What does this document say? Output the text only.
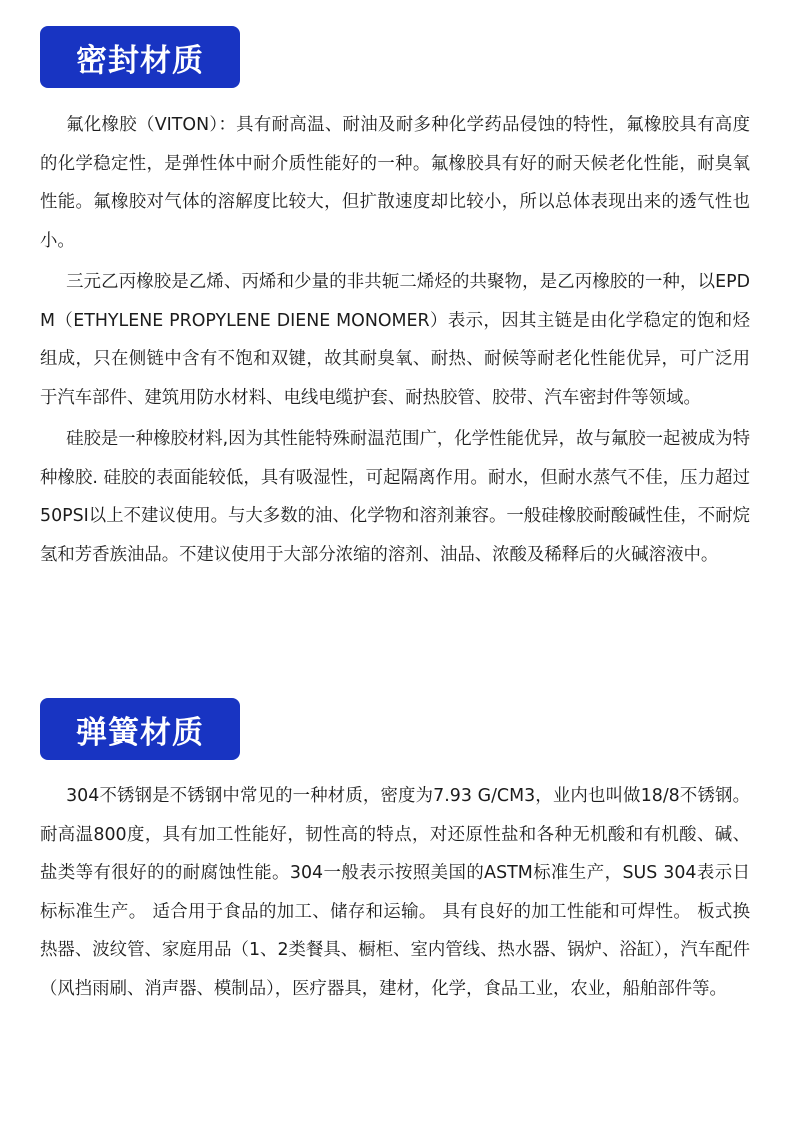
密封材质

氟化橡胶（VITON）：具有耐高温、耐油及耐多种化学药品侵蚀的特性，氟橡胶具有高度的化学稳定性，是弹性体中耐介质性能好的一种。氟橡胶具有好的耐天候老化性能，耐臭氧性能。氟橡胶对气体的溶解度比较大，但扩散速度却比较小，所以总体表现出来的透气性也小。

三元乙丙橡胶是乙烯、丙烯和少量的非共轭二烯烃的共聚物，是乙丙橡胶的一种，以EPDM（ETHYLENE PROPYLENE DIENE MONOMER）表示，因其主链是由化学稳定的饱和烃组成，只在侧链中含有不饱和双键，故其耐臭氧、耐热、耐候等耐老化性能优异，可广泛用于汽车部件、建筑用防水材料、电线电缆护套、耐热胶管、胶带、汽车密封件等领域。

硅胶是一种橡胶材料,因为其性能特殊耐温范围广，化学性能优异，故与氟胶一起被成为特种橡胶. 硅胶的表面能较低，具有吸湿性，可起隔离作用。耐水，但耐水蒸气不佳，压力超过50PSI以上不建议使用。与大多数的油、化学物和溶剂兼容。一般硅橡胶耐酸碱性佳，不耐烷氢和芳香族油品。不建议使用于大部分浓缩的溶剂、油品、浓酸及稀释后的火碱溶液中。

弹簧材质

304不锈钢是不锈钢中常见的一种材质，密度为7.93 G/CM3，业内也叫做18/8不锈钢。耐高温800度，具有加工性能好，韧性高的特点，对还原性盐和各种无机酸和有机酸、碱、盐类等有很好的的耐腐蚀性能。304一般表示按照美国的ASTM标准生产，SUS 304表示日标标准生产。 适合用于食品的加工、储存和运输。 具有良好的加工性能和可焊性。 板式换热器、波纹管、家庭用品（1、2类餐具、橱柜、室内管线、热水器、锅炉、浴缸），汽车配件（风挡雨刷、消声器、模制品），医疗器具，建材，化学，食品工业，农业，船舶部件等。
